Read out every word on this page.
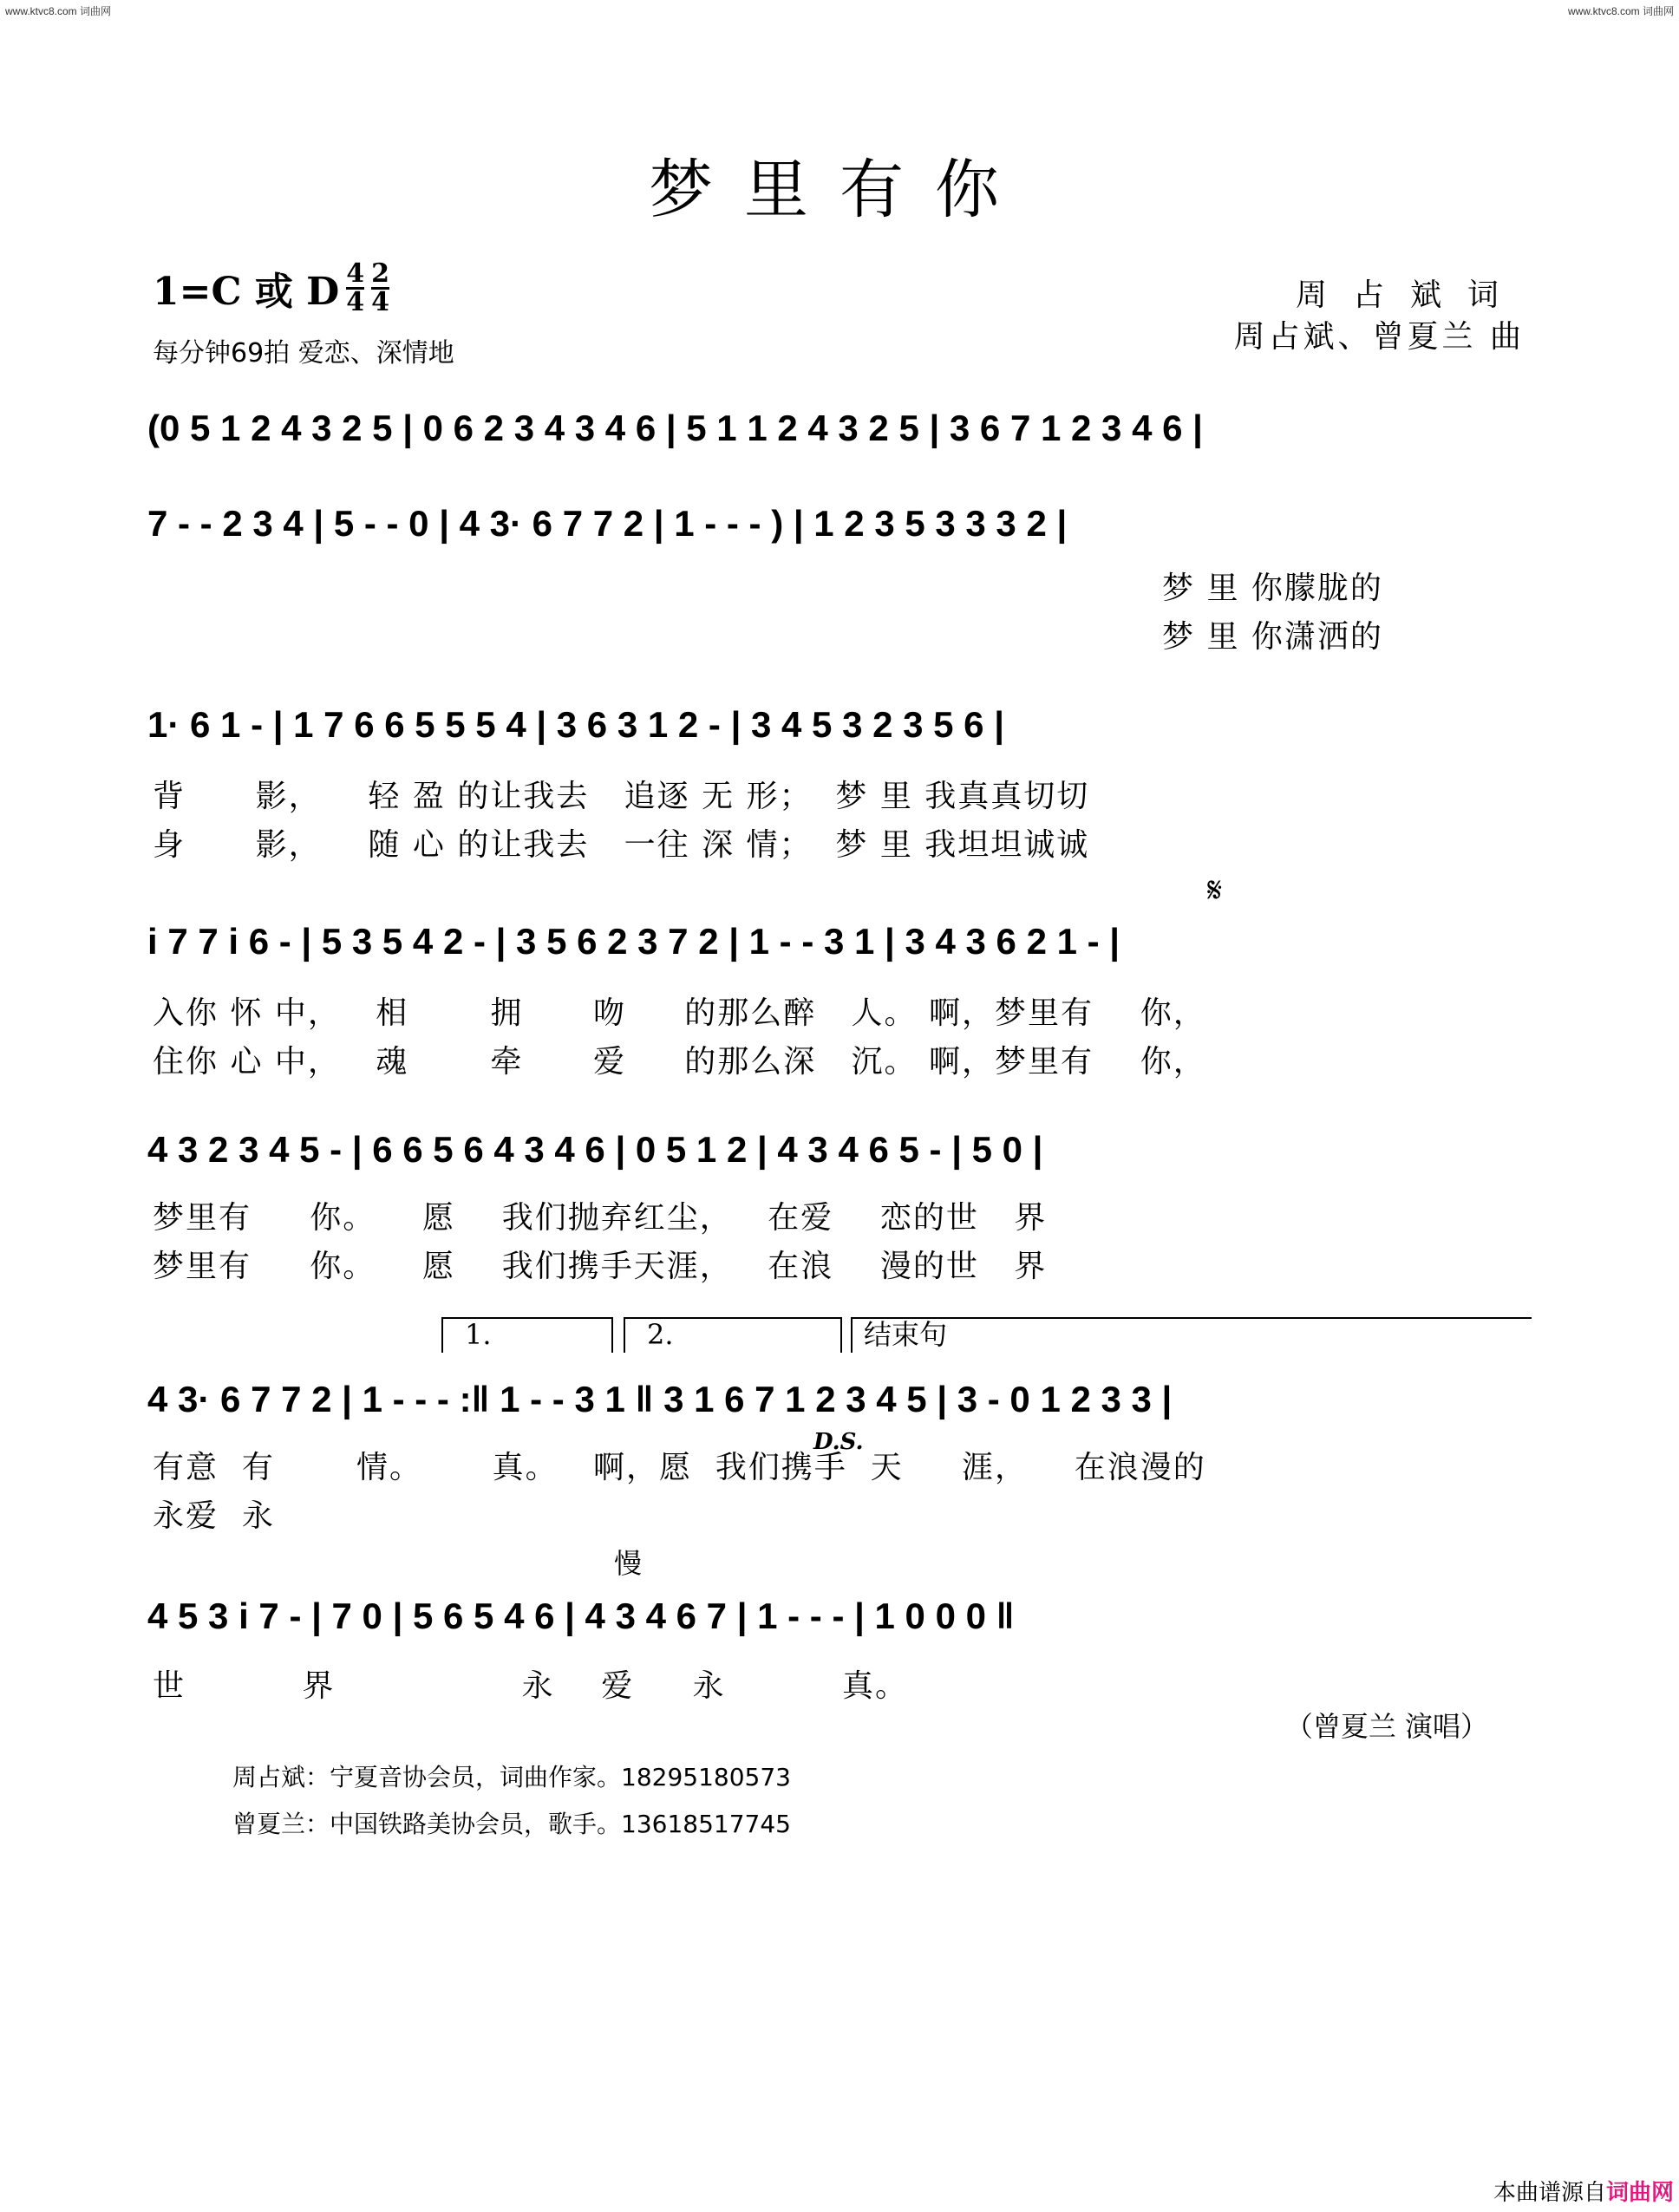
www.ktvc8.com 词曲网	www.ktvc8.com 词曲网
梦里有你
1=C 或 D 4
4
2
4
每分钟69拍 爱恋、深情地
周占斌词
周占斌、曾夏兰 曲
(0 5 1 2 4 3 2 5 | 0 6 2 3 4 3 4 6 | 5 1 1 2 4 3 2 5 | 3 6 7 1 2 3 4 6 |
7 - - 2 3 4 | 5 - - 0 | 4 3· 6 7 7 2 | 1 - - - ) | 1 2 3 5 3 3 3 2 |
1· 6 1 - | 1 7 6 6 5 5 5 4 | 3 6 3 1 2 - | 3 4 5 3 2 3 5 6 |
i 7 7 i 6 - | 5 3 5 4 2 - | 3 5 6 2 3 7 2 | 1 - - 3 1 | 3 4 3 6 2 1 - |
4 3 2 3 4 5 - | 6 6 5 6 4 3 4 6 | 0 5 1 2 | 4 3 4 6 5 - | 5 0 |
4 3· 6 7 7 2 | 1 - - - :‖ 1 - - 3 1 ‖ 3 1 6 7 1 2 3 4 5 | 3 - 0 1 2 3 3 |
4 5 3 i 7 - | 7 0 | 5 6 5 4 6 | 4 3 4 6 7 | 1 - - - | 1 0 0 0 ‖
梦 里 你朦胧的
梦 里 你潇洒的
背      影，    轻 盈 的让我去   追逐 无 形；  梦 里 我真真切切
身      影，    随 心 的让我去   一往 深 情；  梦 里 我坦坦诚诚
入你 怀 中，   相       拥      吻     的那么醉   人。 啊，梦里有    你，
住你 心 中，   魂       牵      爱     的那么深   沉。 啊，梦里有    你，
梦里有     你。    愿    我们抛弃红尘，   在爱    恋的世   界
梦里有     你。    愿    我们携手天涯，   在浪    漫的世   界
有意  有       情。      真。   啊，愿  我们携手  天     涯，    在浪漫的
永爱  永
世          界                永    爱     永          真。
1.	2.	结束句
𝄋
D.S.
慢
（曾夏兰 演唱）
周占斌：宁夏音协会员，词曲作家。18295180573
曾夏兰：中国铁路美协会员，歌手。13618517745
本曲谱源自词曲网
